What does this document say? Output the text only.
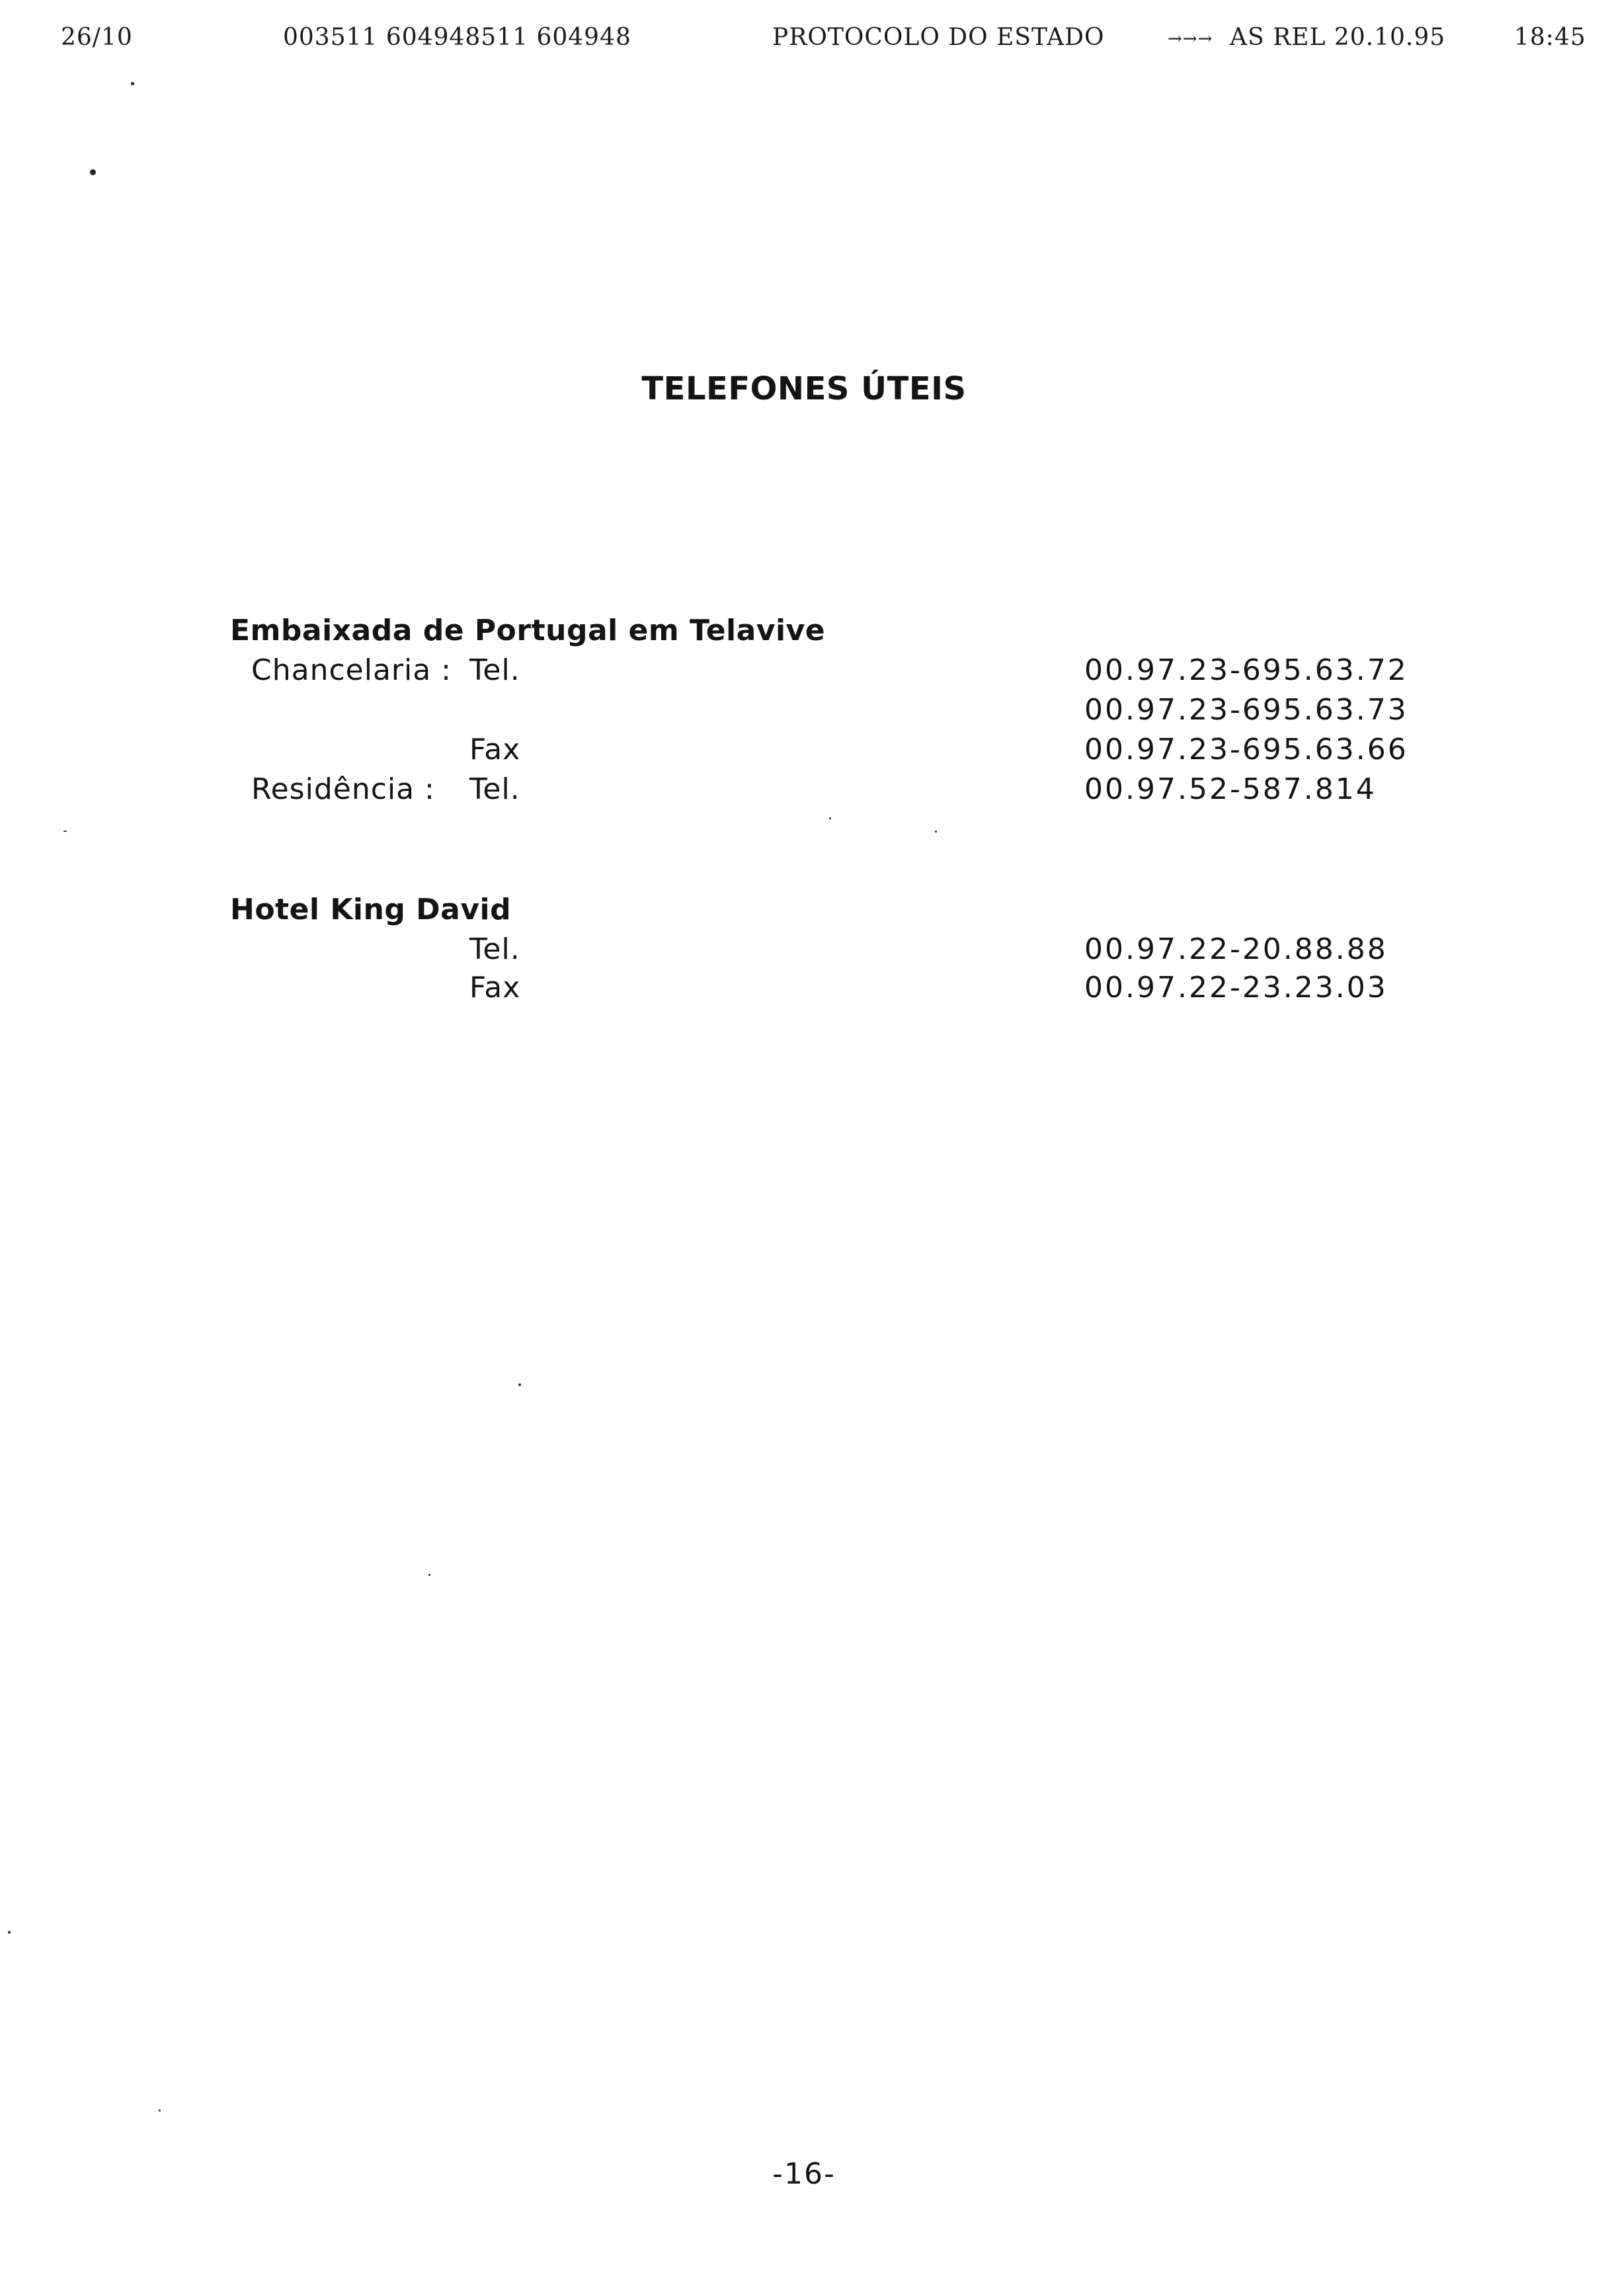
26/10	003511 604948511 604948	PROTOCOLO DO ESTADO	→→→ AS REL 20.10.95	18:45
TELEFONES ÚTEIS
Embaixada de Portugal em Telavive
Chancelaria : Tel.	00.97.23-695.63.72
00.97.23-695.63.73
Fax	00.97.23-695.63.66
Residência : Tel.	00.97.52-587.814
Hotel King David
Tel.	00.97.22-20.88.88
Fax	00.97.22-23.23.03
-16-
